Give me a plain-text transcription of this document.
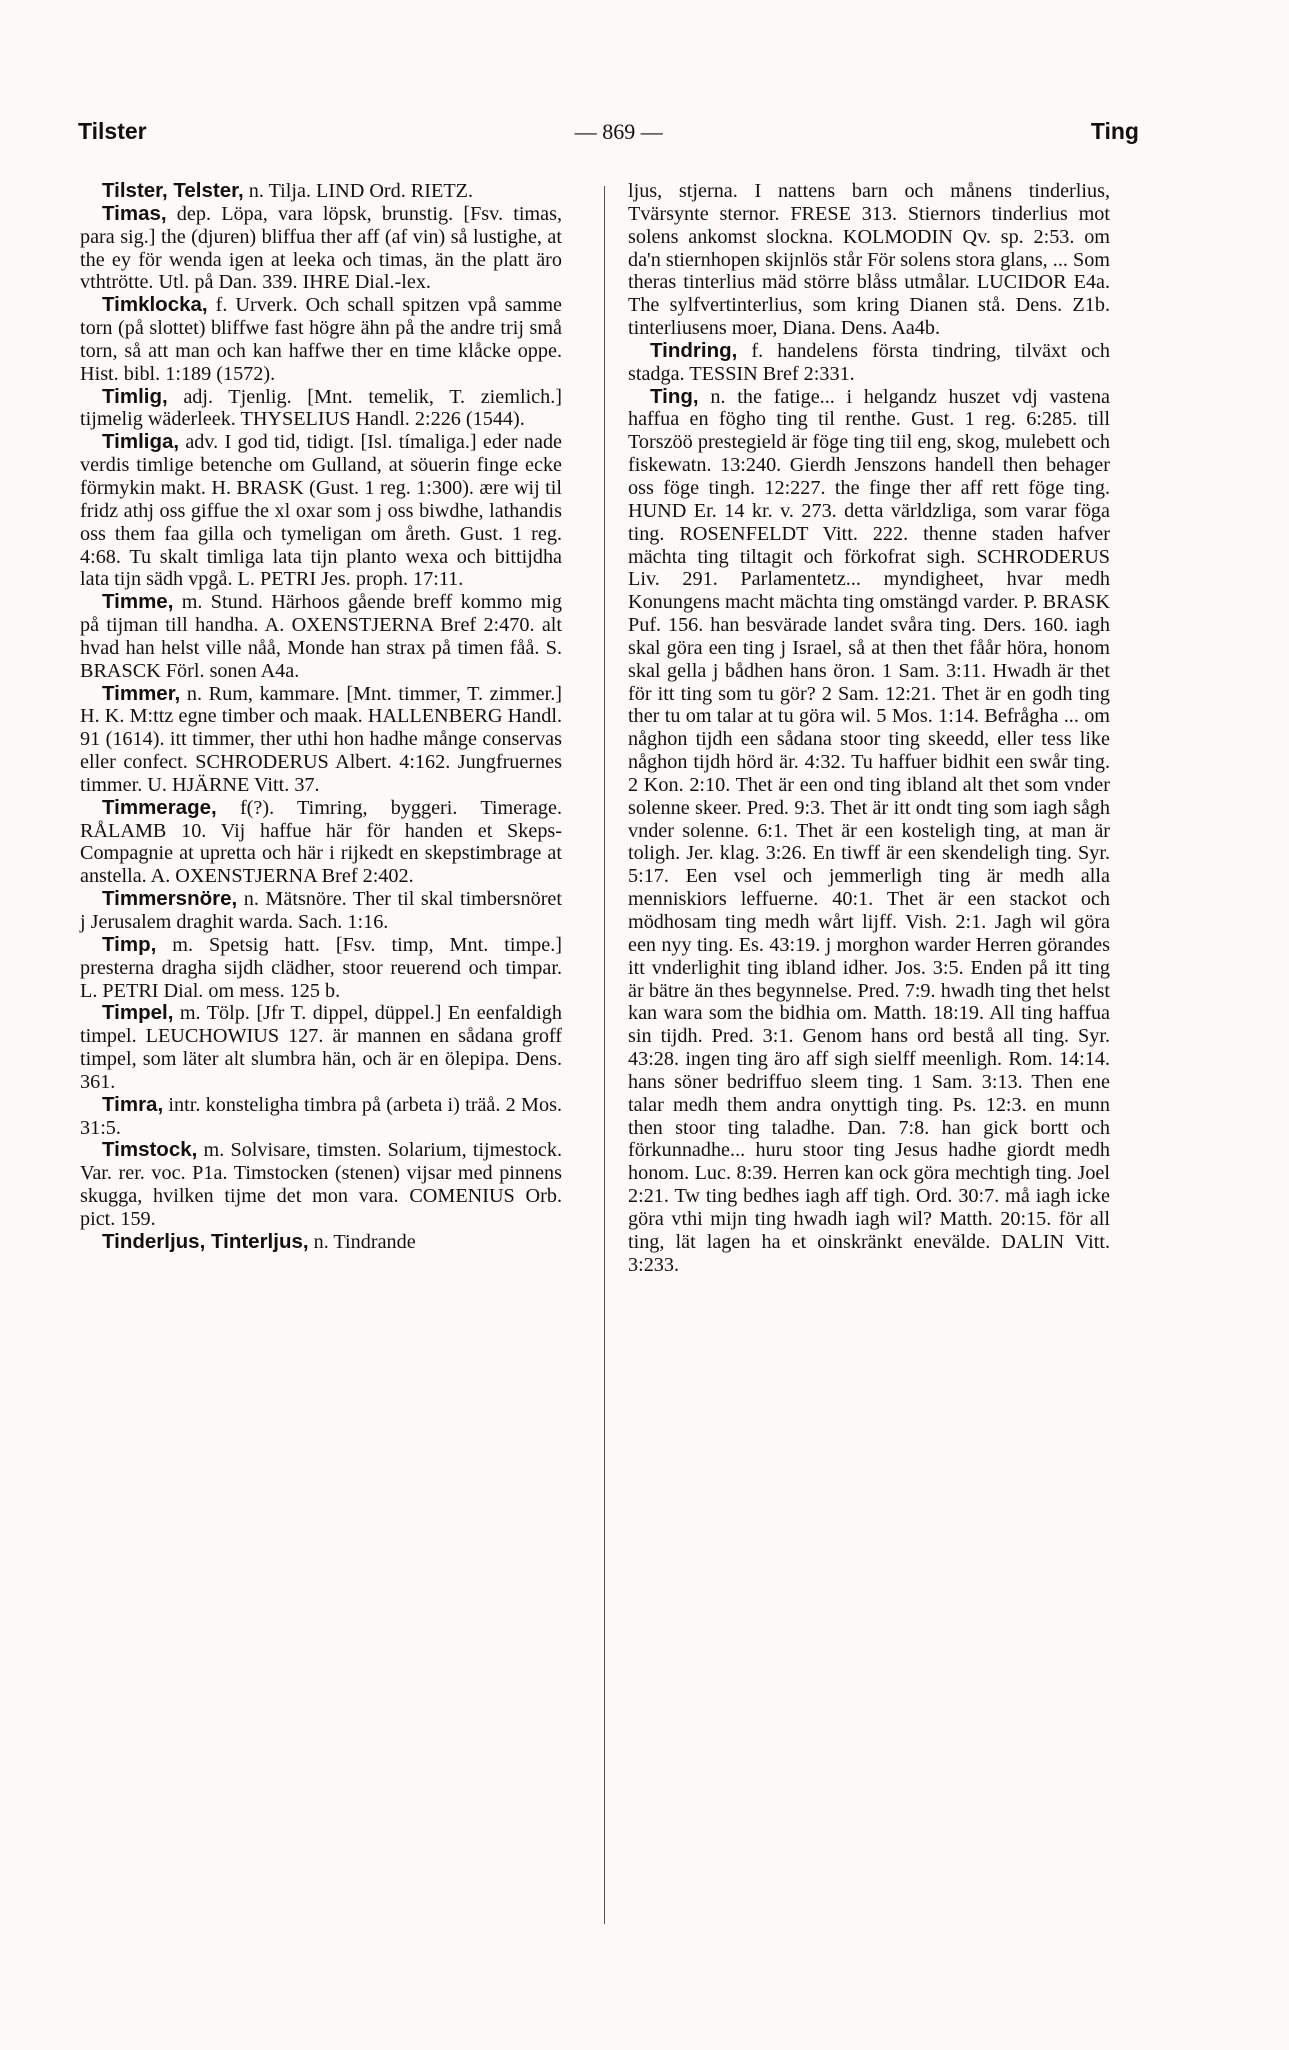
Tilster	— 869 —	Ting

Tilster, Telster, n. Tilja. LIND Ord. RIETZ.

Timas, dep. Löpa, vara löpsk, brunstig. [Fsv. timas, para sig.] the (djuren) bliffua ther aff (af vin) så lustighe, at the ey för wenda igen at leeka och timas, än the platt äro vthtrötte. Utl. på Dan. 339. IHRE Dial.-lex.

Timklocka, f. Urverk. Och schall spitzen vpå samme torn (på slottet) bliffwe fast högre ähn på the andre trij små torn, så att man och kan haffwe ther en time klåcke oppe. Hist. bibl. 1:189 (1572).

Timlig, adj. Tjenlig. [Mnt. temelik, T. ziemlich.] tijmelig wäderleek. THYSELIUS Handl. 2:226 (1544).

Timliga, adv. I god tid, tidigt. [Isl. tímaliga.] eder nade verdis timlige betenche om Gulland, at söuerin finge ecke förmykin makt. H. BRASK (Gust. 1 reg. 1:300). ære wij til fridz athj oss giffue the xl oxar som j oss biwdhe, lathandis oss them faa gilla och tymeligan om åreth. Gust. 1 reg. 4:68. Tu skalt timliga lata tijn planto wexa och bittijdha lata tijn sädh vpgå. L. PETRI Jes. proph. 17:11.

Timme, m. Stund. Härhoos gående breff kommo mig på tijman till handha. A. OXENSTJERNA Bref 2:470. alt hvad han helst ville nåå, Monde han strax på timen fåå. S. BRASCK Förl. sonen A4a.

Timmer, n. Rum, kammare. [Mnt. timmer, T. zimmer.] H. K. M:ttz egne timber och maak. HALLENBERG Handl. 91 (1614). itt timmer, ther uthi hon hadhe månge conservas eller confect. SCHRODERUS Albert. 4:162. Jungfruernes timmer. U. HJÄRNE Vitt. 37.

Timmerage, f(?). Timring, byggeri. Timerage. RÅLAMB 10. Vij haffue här för handen et Skeps-Compagnie at upretta och här i rijkedt en skepstimbrage at anstella. A. OXENSTJERNA Bref 2:402.

Timmersnöre, n. Mätsnöre. Ther til skal timbersnöret j Jerusalem draghit warda. Sach. 1:16.

Timp, m. Spetsig hatt. [Fsv. timp, Mnt. timpe.] presterna dragha sijdh clädher, stoor reuerend och timpar. L. PETRI Dial. om mess. 125 b.

Timpel, m. Tölp. [Jfr T. dippel, düppel.] En eenfaldigh timpel. LEUCHOWIUS 127. är mannen en sådana groff timpel, som läter alt slumbra hän, och är en ölepipa. Dens. 361.

Timra, intr. konsteligha timbra på (arbeta i) träå. 2 Mos. 31:5.

Timstock, m. Solvisare, timsten. Solarium, tijmestock. Var. rer. voc. P1a. Timstocken (stenen) vijsar med pinnens skugga, hvilken tijme det mon vara. COMENIUS Orb. pict. 159.

Tinderljus, Tinterljus, n. Tindrande

ljus, stjerna. I nattens barn och månens tinderlius, Tvärsynte sternor. FRESE 313. Stiernors tinderlius mot solens ankomst slockna. KOLMODIN Qv. sp. 2:53. om da'n stiernhopen skijnlös står För solens stora glans, ... Som theras tinterlius mäd större blåss utmålar. LUCIDOR E4a. The sylfvertinterlius, som kring Dianen stå. Dens. Z1b. tinterliusens moer, Diana. Dens. Aa4b.

Tindring, f. handelens första tindring, tilväxt och stadga. TESSIN Bref 2:331.

Ting, n. the fatige... i helgandz huszet vdj vastena haffua en fögho ting til renthe. Gust. 1 reg. 6:285. till Torszöö prestegield är föge ting tiil eng, skog, mulebett och fiskewatn. 13:240. Gierdh Jenszons handell then behager oss föge tingh. 12:227. the finge ther aff rett föge ting. HUND Er. 14 kr. v. 273. detta världzliga, som varar föga ting. ROSENFELDT Vitt. 222. thenne staden hafver mächta ting tiltagit och förkofrat sigh. SCHRODERUS Liv. 291. Parlamentetz... myndigheet, hvar medh Konungens macht mächta ting omstängd varder. P. BRASK Puf. 156. han besvärade landet svåra ting. Ders. 160. iagh skal göra een ting j Israel, så at then thet fåår höra, honom skal gella j bådhen hans öron. 1 Sam. 3:11. Hwadh är thet för itt ting som tu gör? 2 Sam. 12:21. Thet är en godh ting ther tu om talar at tu göra wil. 5 Mos. 1:14. Befrågha ... om någhon tijdh een sådana stoor ting skeedd, eller tess like någhon tijdh hörd är. 4:32. Tu haffuer bidhit een swår ting. 2 Kon. 2:10. Thet är een ond ting ibland alt thet som vnder solenne skeer. Pred. 9:3. Thet är itt ondt ting som iagh sågh vnder solenne. 6:1. Thet är een kosteligh ting, at man är toligh. Jer. klag. 3:26. En tiwff är een skendeligh ting. Syr. 5:17. Een vsel och jemmerligh ting är medh alla menniskiors leffuerne. 40:1. Thet är een stackot och mödhosam ting medh wårt lijff. Vish. 2:1. Jagh wil göra een nyy ting. Es. 43:19. j morghon warder Herren görandes itt vnderlighit ting ibland idher. Jos. 3:5. Enden på itt ting är bätre än thes begynnelse. Pred. 7:9. hwadh ting thet helst kan wara som the bidhia om. Matth. 18:19. All ting haffua sin tijdh. Pred. 3:1. Genom hans ord bestå all ting. Syr. 43:28. ingen ting äro aff sigh sielff meenligh. Rom. 14:14. hans söner bedriffuo sleem ting. 1 Sam. 3:13. Then ene talar medh them andra onyttigh ting. Ps. 12:3. en munn then stoor ting taladhe. Dan. 7:8. han gick bortt och förkunnadhe... huru stoor ting Jesus hadhe giordt medh honom. Luc. 8:39. Herren kan ock göra mechtigh ting. Joel 2:21. Tw ting bedhes iagh aff tigh. Ord. 30:7. må iagh icke göra vthi mijn ting hwadh iagh wil? Matth. 20:15. för all ting, lät lagen ha et oinskränkt enevälde. DALIN Vitt. 3:233.
